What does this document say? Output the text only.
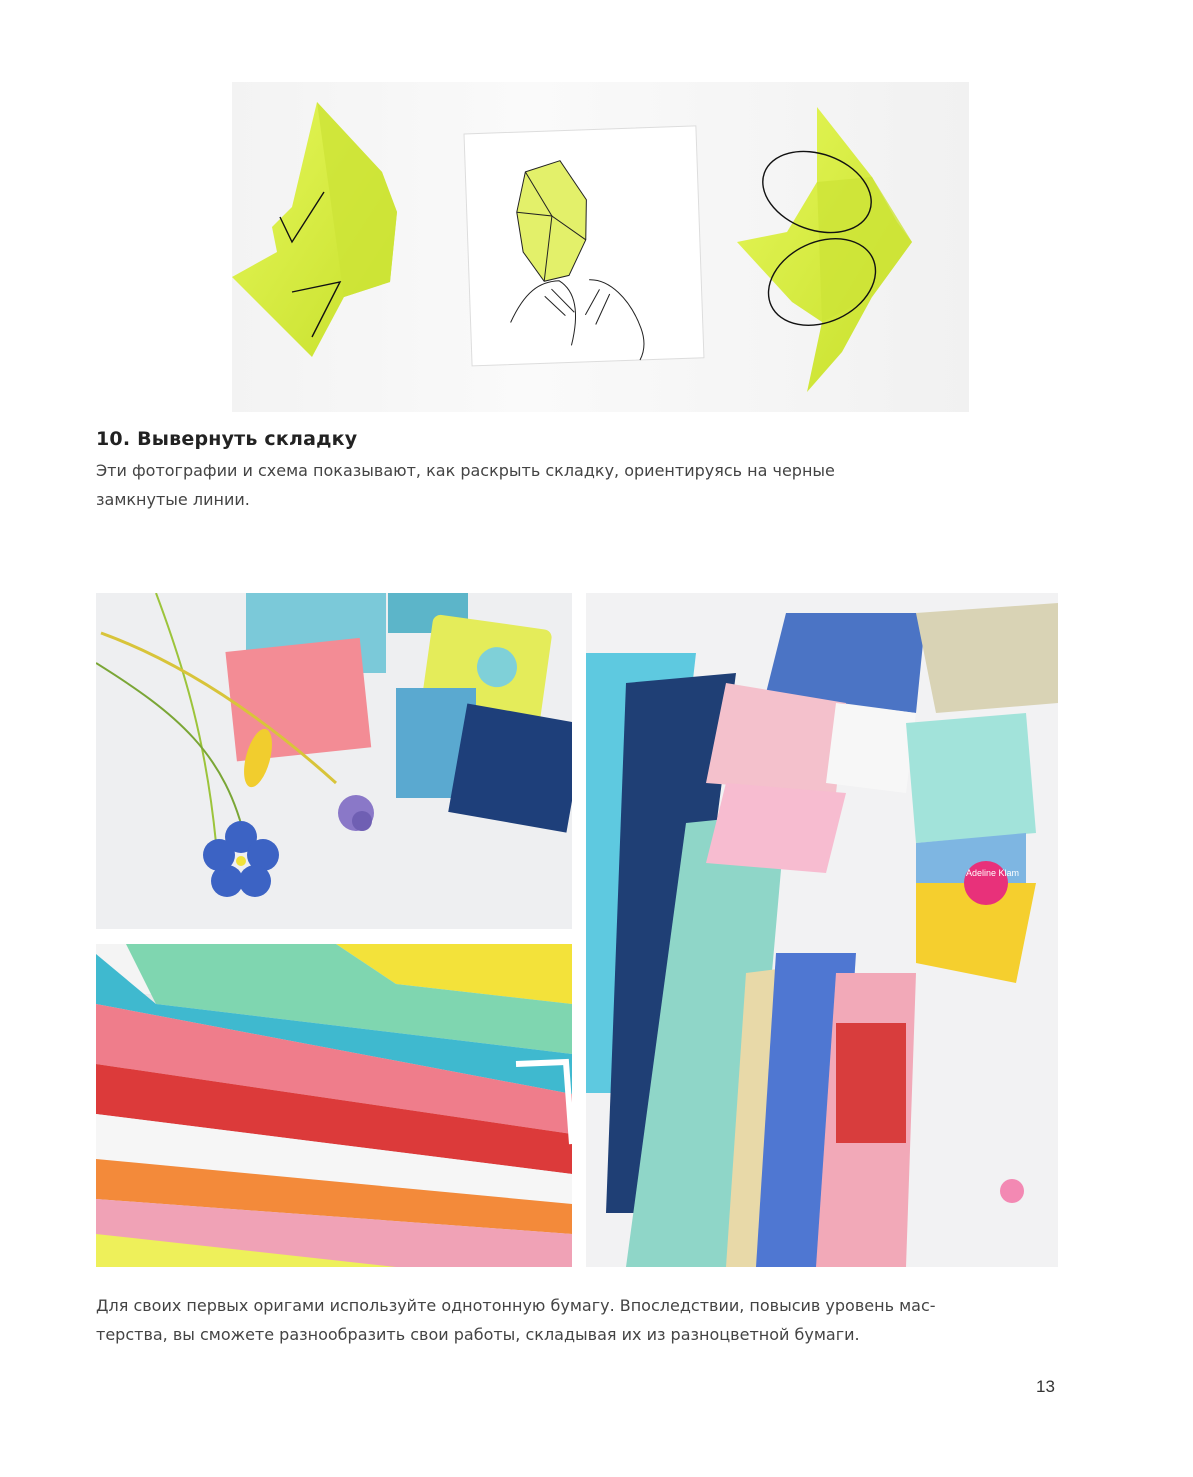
10. Вывернуть складку
Эти фотографии и схема показывают, как раскрыть складку, ориентируясь на черные
замкнутые линии.
Adeline Klam
Для своих первых оригами используйте однотонную бумагу. Впоследствии, повысив уровень мас-
терства, вы сможете разнообразить свои работы, складывая их из разноцветной бумаги.
13
